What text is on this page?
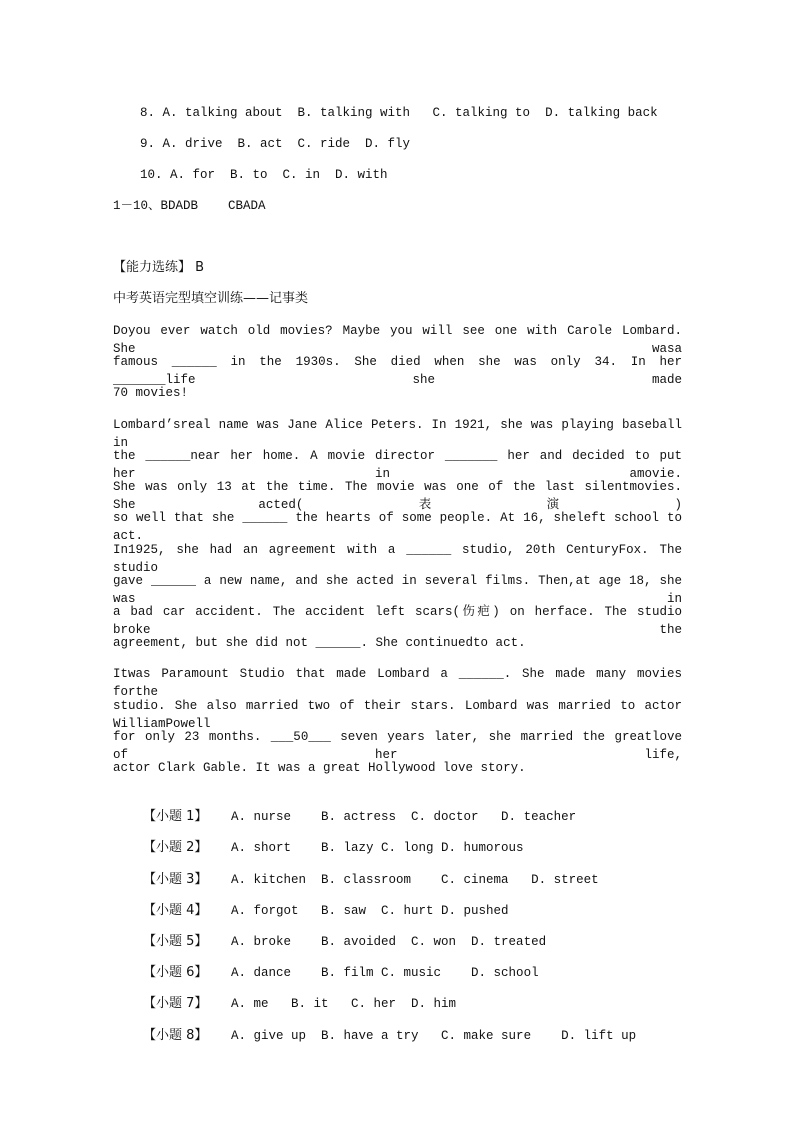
8. A. talking about  B. talking with   C. talking to  D. talking back
9. A. drive  B. act  C. ride  D. fly
10. A. for  B. to  C. in  D. with
1－10、BDADB    CBADA
【能力选练】 B
中考英语完型填空训练——记事类
Doyou ever watch old movies? Maybe you will see one with Carole Lombard. She wasa
famous ______ in the 1930s. She died when she was only 34. In her _______life she made
70 movies!
Lombard’sreal name was Jane Alice Peters. In 1921, she was playing baseball in
the ______near her home. A movie director _______ her and decided to put her in amovie.
She was only 13 at the time. The movie was one of the last silentmovies. She acted(表演)
so well that she ______ the hearts of some people. At 16, sheleft school to act.
In1925, she had an agreement with a ______ studio, 20th CenturyFox. The studio
gave ______ a new name, and she acted in several films. Then,at age 18, she was in
a bad car accident. The accident left scars(伤疤) on herface. The studio broke the
agreement, but she did not ______. She continuedto act.
Itwas Paramount Studio that made Lombard a ______. She made many movies forthe
studio. She also married two of their stars. Lombard was married to actor WilliamPowell
for only 23 months. ___50___ seven years later, she married the greatlove of her life,
actor Clark Gable. It was a great Hollywood love story.

【小题 1】 A. nurse    B. actress  C. doctor   D. teacher

【小题 2】 A. short    B. lazy C. long D. humorous

【小题 3】 A. kitchen  B. classroom    C. cinema   D. street

【小题 4】 A. forgot   B. saw  C. hurt D. pushed

【小题 5】 A. broke    B. avoided  C. won  D. treated

【小题 6】 A. dance    B. film C. music    D. school

【小题 7】 A. me   B. it   C. her  D. him

【小题 8】 A. give up  B. have a try   C. make sure    D. lift up
